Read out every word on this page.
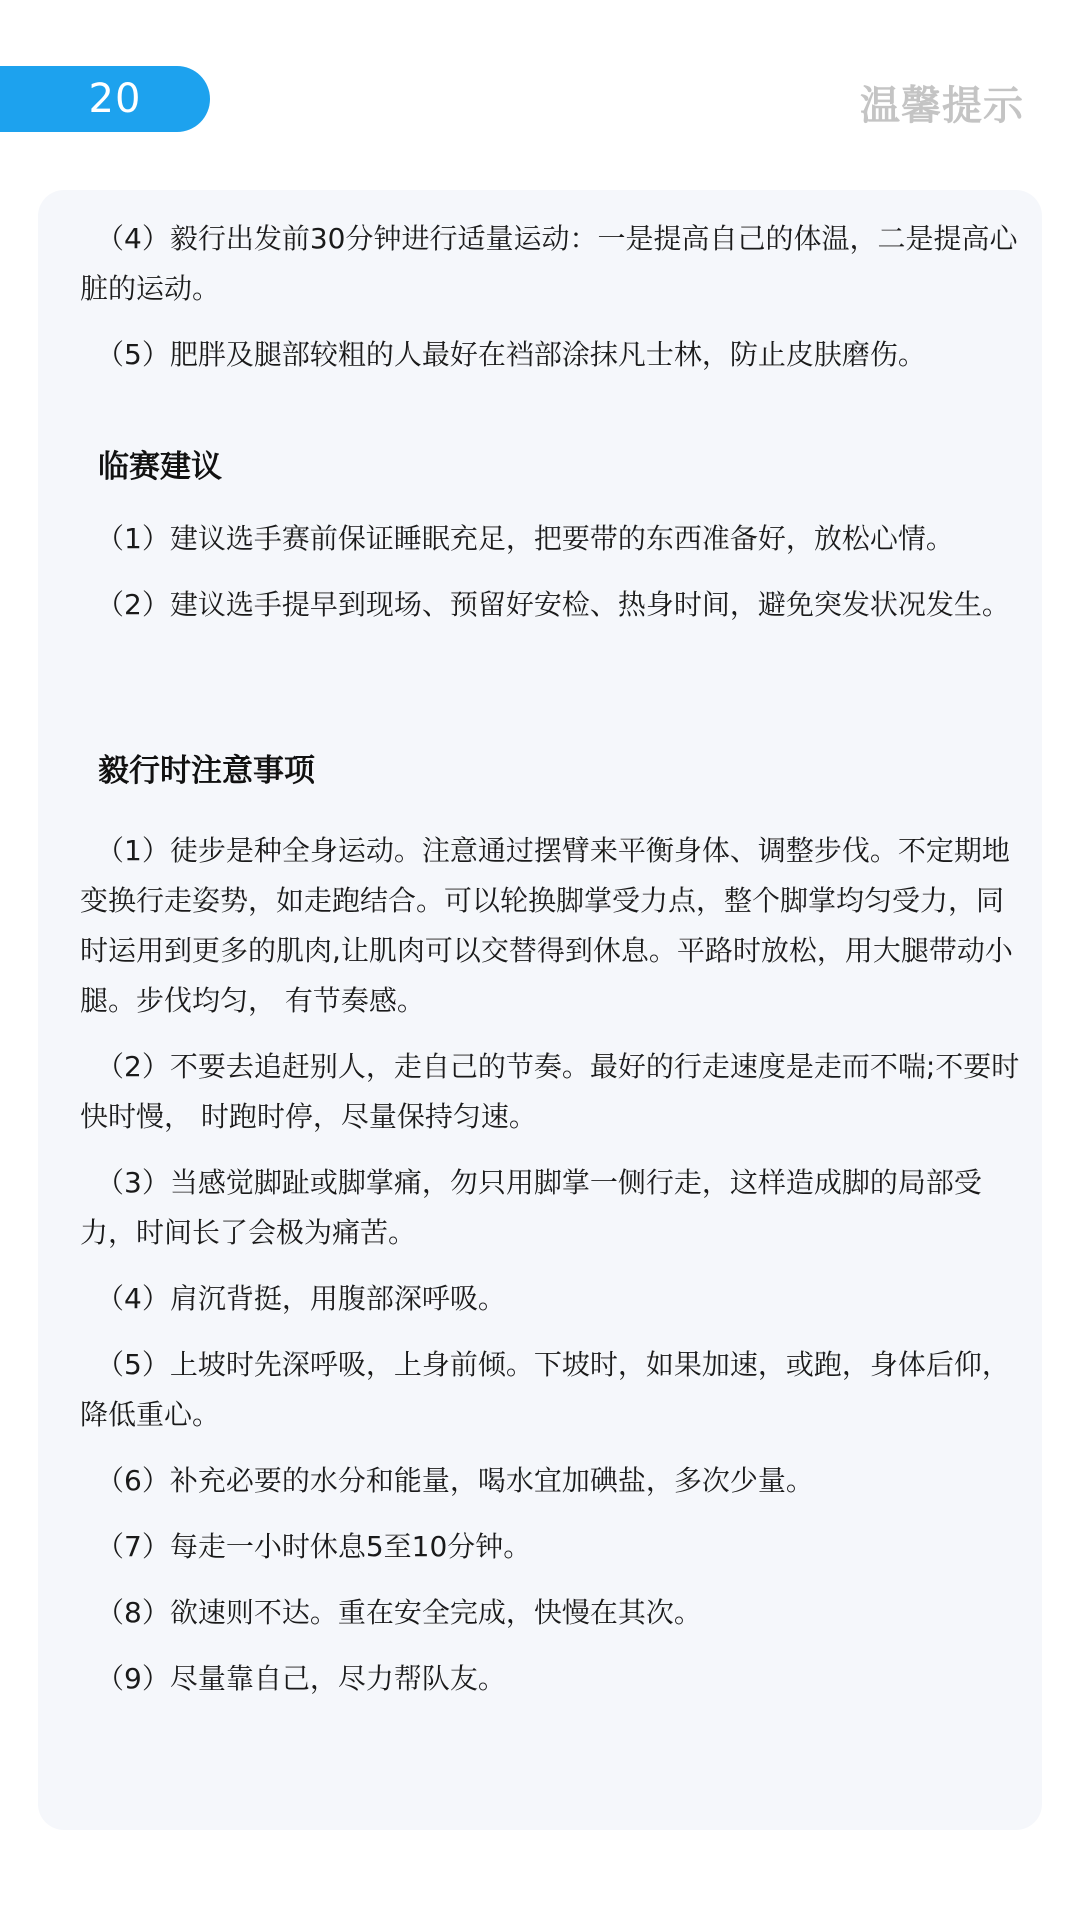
20	温馨提示

（4）毅行出发前30分钟进行适量运动：一是提高自己的体温，二是提高心脏的运动。

（5）肥胖及腿部较粗的人最好在裆部涂抹凡士林，防止皮肤磨伤。

临赛建议

（1）建议选手赛前保证睡眠充足，把要带的东西准备好，放松心情。

（2）建议选手提早到现场、预留好安检、热身时间，避免突发状况发生。

毅行时注意事项

（1）徒步是种全身运动。注意通过摆臂来平衡身体、调整步伐。不定期地变换行走姿势，如走跑结合。可以轮换脚掌受力点，整个脚掌均匀受力，同时运用到更多的肌肉,让肌肉可以交替得到休息。平路时放松，用大腿带动小腿。步伐均匀， 有节奏感。

（2）不要去追赶别人，走自己的节奏。最好的行走速度是走而不喘;不要时快时慢， 时跑时停，尽量保持匀速。

（3）当感觉脚趾或脚掌痛，勿只用脚掌一侧行走，这样造成脚的局部受力，时间长了会极为痛苦。

（4）肩沉背挺，用腹部深呼吸。

（5）上坡时先深呼吸，上身前倾。下坡时，如果加速，或跑，身体后仰，降低重心。

（6）补充必要的水分和能量，喝水宜加碘盐，多次少量。

（7）每走一小时休息5至10分钟。

（8）欲速则不达。重在安全完成，快慢在其次。

（9）尽量靠自己，尽力帮队友。
